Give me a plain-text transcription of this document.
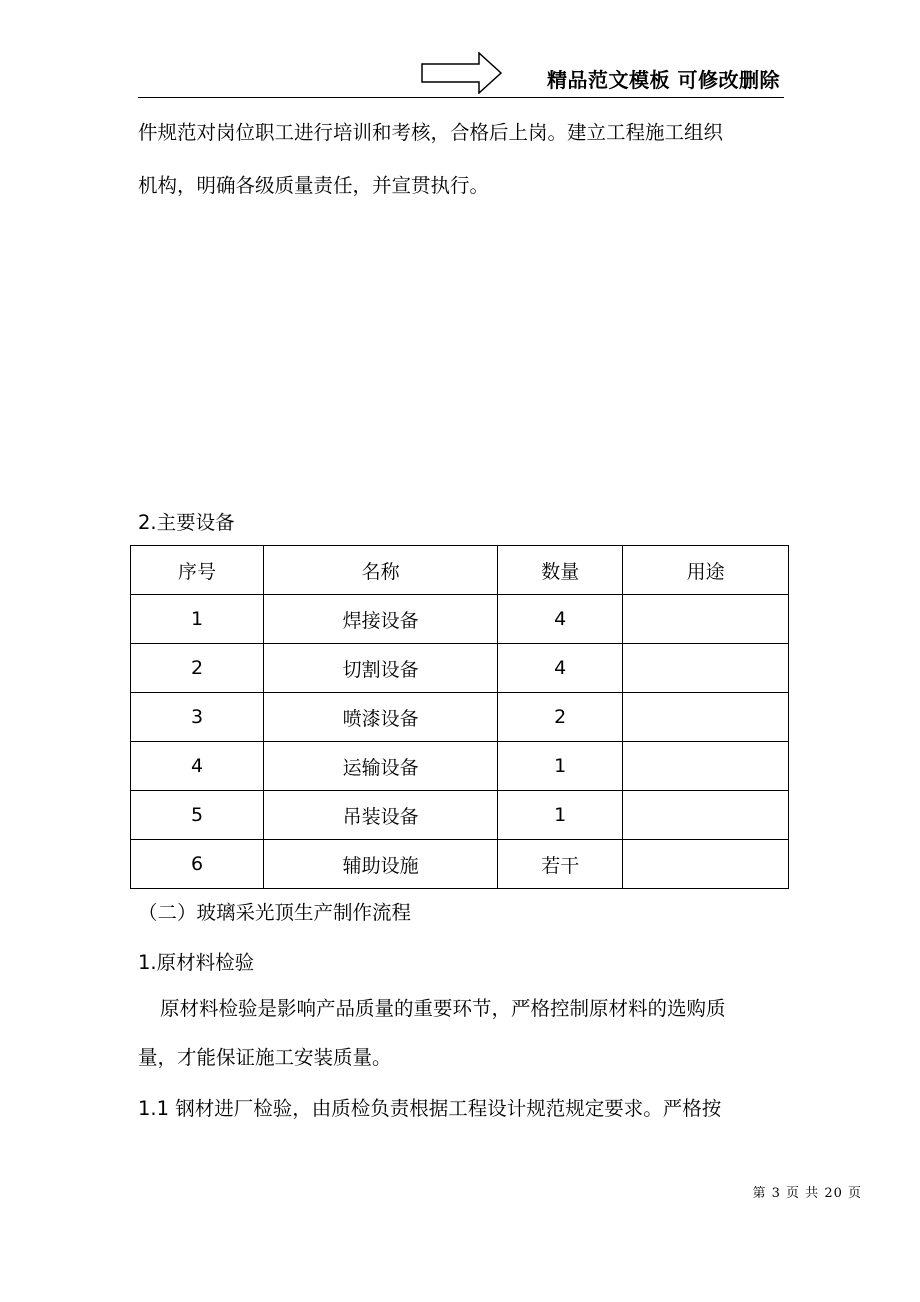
精品范文模板 可修改删除
件规范对岗位职工进行培训和考核，合格后上岗。建立工程施工组织
机构，明确各级质量责任，并宣贯执行。
2.主要设备
序号	名称	数量	用途
1	焊接设备	4	
2	切割设备	4	
3	喷漆设备	2	
4	运输设备	1	
5	吊装设备	1	
6	辅助设施	若干	
（二）玻璃采光顶生产制作流程
1.原材料检验
原材料检验是影响产品质量的重要环节，严格控制原材料的选购质
量，才能保证施工安装质量。
1.1 钢材进厂检验，由质检负责根据工程设计规范规定要求。严格按
第 3 页 共 20 页
